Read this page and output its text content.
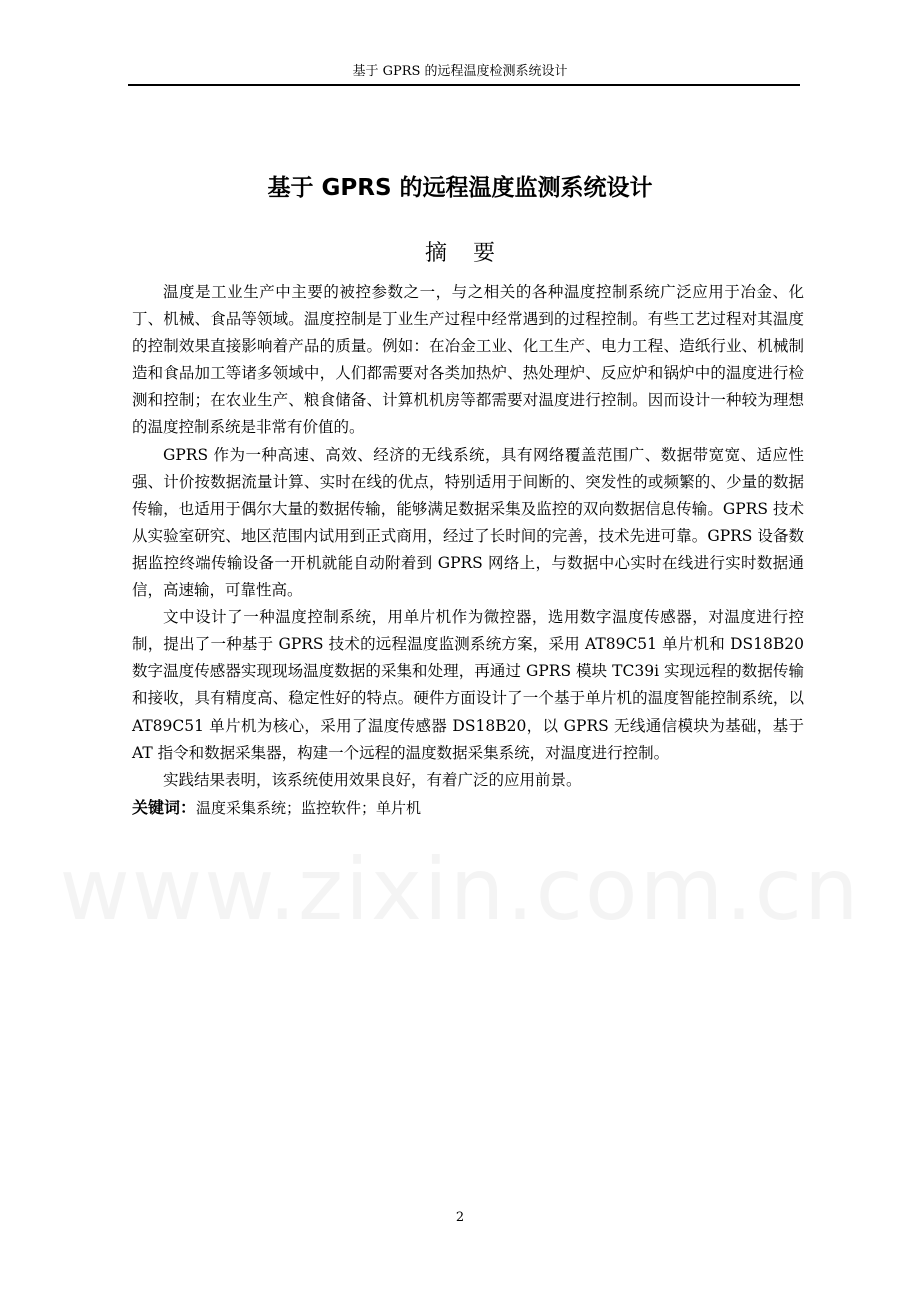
基于 GPRS 的远程温度检测系统设计
基于 GPRS 的远程温度监测系统设计
摘要

温度是工业生产中主要的被控参数之一，与之相关的各种温度控制系统广泛应用于冶金、化丁、机械、食品等领域。温度控制是丁业生产过程中经常遇到的过程控制。有些工艺过程对其温度的控制效果直接影响着产品的质量。例如：在冶金工业、化工生产、电力工程、造纸行业、机械制造和食品加工等诸多领域中，人们都需要对各类加热炉、热处理炉、反应炉和锅炉中的温度进行检测和控制；在农业生产、粮食储备、计算机机房等都需要对温度进行控制。因而设计一种较为理想的温度控制系统是非常有价值的。

GPRS 作为一种高速、高效、经济的无线系统，具有网络覆盖范围广、数据带宽宽、适应性强、计价按数据流量计算、实时在线的优点，特别适用于间断的、突发性的或频繁的、少量的数据传输，也适用于偶尔大量的数据传输，能够满足数据采集及监控的双向数据信息传输。GPRS 技术从实验室研究、地区范围内试用到正式商用，经过了长时间的完善，技术先进可靠。GPRS 设备数据监控终端传输设备一开机就能自动附着到 GPRS 网络上，与数据中心实时在线进行实时数据通信，高速输，可靠性高。

文中设计了一种温度控制系统，用单片机作为微控器，选用数字温度传感器，对温度进行控制，提出了一种基于 GPRS 技术的远程温度监测系统方案，采用 AT89C51 单片机和 DS18B20 数字温度传感器实现现场温度数据的采集和处理，再通过 GPRS 模块 TC39i 实现远程的数据传输和接收，具有精度高、稳定性好的特点。硬件方面设计了一个基于单片机的温度智能控制系统，以 AT89C51 单片机为核心，采用了温度传感器 DS18B20，以 GPRS 无线通信模块为基础，基于 AT 指令和数据采集器，构建一个远程的温度数据采集系统，对温度进行控制。

实践结果表明，该系统使用效果良好，有着广泛的应用前景。

关键词：温度采集系统；监控软件；单片机

www.zixin.com.cn
2
